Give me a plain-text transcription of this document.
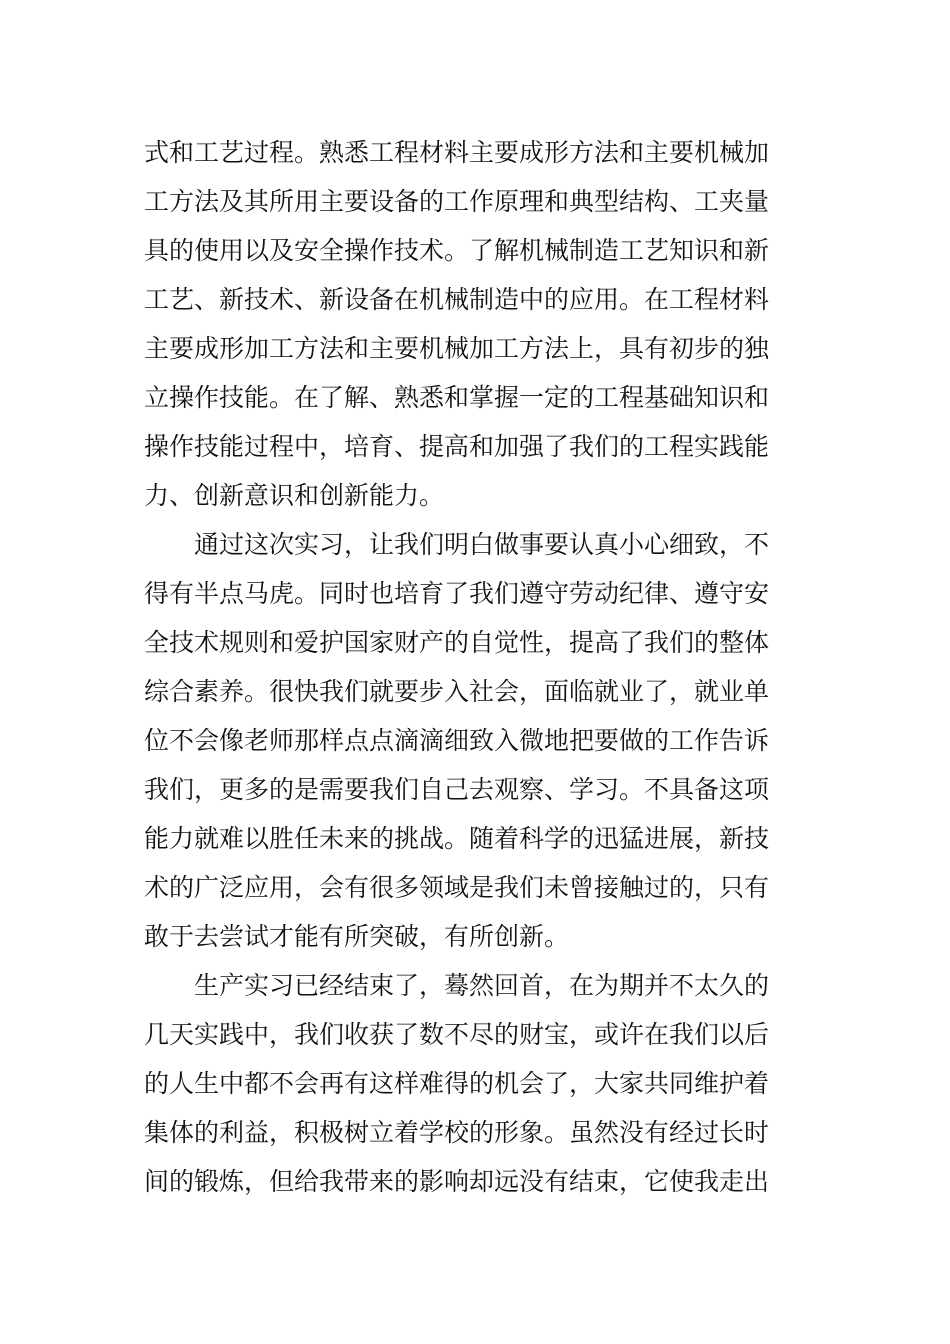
式和工艺过程。熟悉工程材料主要成形方法和主要机械加
工方法及其所用主要设备的工作原理和典型结构、工夹量
具的使用以及安全操作技术。了解机械制造工艺知识和新
工艺、新技术、新设备在机械制造中的应用。在工程材料
主要成形加工方法和主要机械加工方法上，具有初步的独
立操作技能。在了解、熟悉和掌握一定的工程基础知识和
操作技能过程中，培育、提高和加强了我们的工程实践能
力、创新意识和创新能力。
　　通过这次实习，让我们明白做事要认真小心细致，不
得有半点马虎。同时也培育了我们遵守劳动纪律、遵守安
全技术规则和爱护国家财产的自觉性，提高了我们的整体
综合素养。很快我们就要步入社会，面临就业了，就业单
位不会像老师那样点点滴滴细致入微地把要做的工作告诉
我们，更多的是需要我们自己去观察、学习。不具备这项
能力就难以胜任未来的挑战。随着科学的迅猛进展，新技
术的广泛应用，会有很多领域是我们未曾接触过的，只有
敢于去尝试才能有所突破，有所创新。
　　生产实习已经结束了，蓦然回首，在为期并不太久的
几天实践中，我们收获了数不尽的财宝，或许在我们以后
的人生中都不会再有这样难得的机会了，大家共同维护着
集体的利益，积极树立着学校的形象。虽然没有经过长时
间的锻炼，但给我带来的影响却远没有结束，它使我走出
